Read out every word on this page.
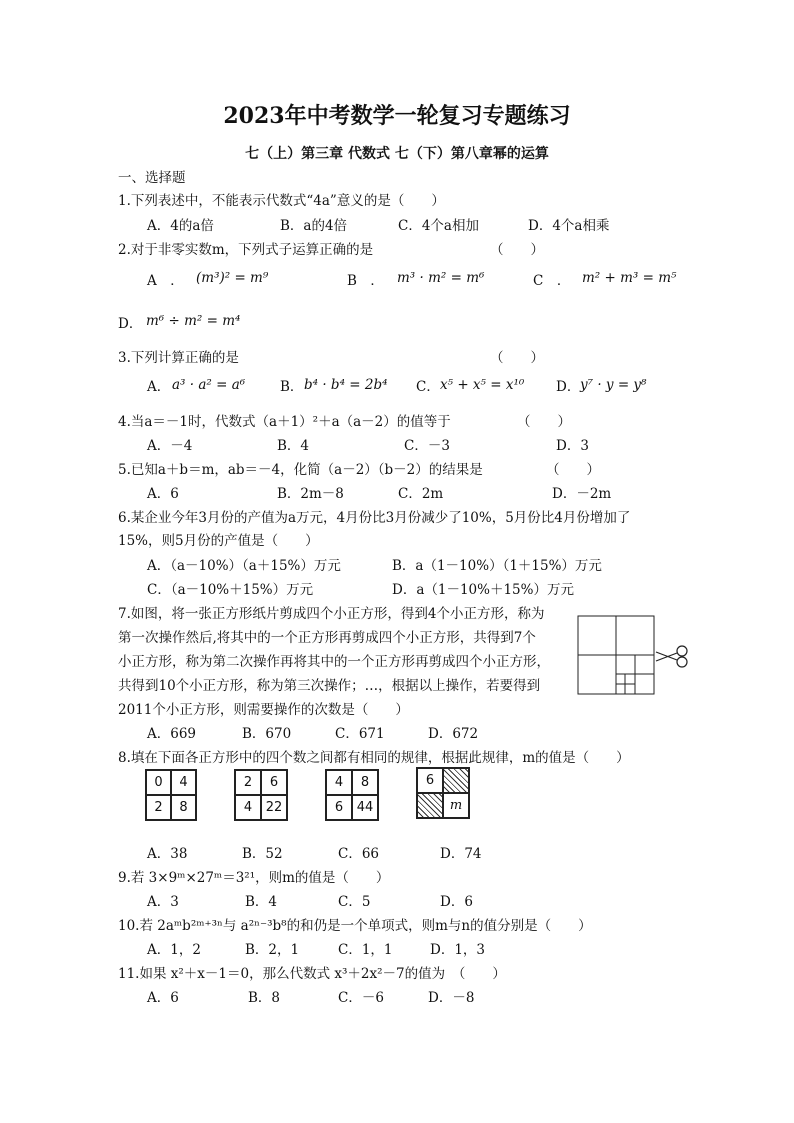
2023年中考数学一轮复习专题练习
七（上）第三章 代数式 七（下）第八章幂的运算
一、选择题
1.下列表述中，不能表示代数式“4a”意义的是（　　）
A．4的a倍	B．a的4倍	C．4个a相加	D．4个a相乘
2.对于非零实数m，下列式子运算正确的是	（　　）
A　． (m³)² = m⁹	B　． m³ · m² = m⁶	C　． m² + m³ = m⁵
D． m⁶ ÷ m² = m⁴
3.下列计算正确的是	（　　）
A． a³ · a² = a⁶	B． b⁴ · b⁴ = 2b⁴ C． x⁵ + x⁵ = x¹⁰ D． y⁷ · y = y⁸
4.当a＝－1时，代数式（a＋1）²＋a（a－2）的值等于	（　　）
A．－4	B．4	C．－3	D．3
5.已知a＋b＝m，ab＝－4，化简（a－2）（b－2）的结果是	（　　）
A．6	B．2m－8	C．2m	D．－2m
6.某企业今年3月份的产值为a万元，4月份比3月份减少了10%，5月份比4月份增加了
15%，则5月份的产值是（　　）
A．（a－10%）（a＋15%）万元	B．a（1－10%）（1＋15%）万元
C．（a－10%＋15%）万元	D．a（1－10%＋15%）万元
7.如图，将一张正方形纸片剪成四个小正方形，得到4个小正方形，称为
第一次操作然后,将其中的一个正方形再剪成四个小正方形，共得到7个
小正方形，称为第二次操作再将其中的一个正方形再剪成四个小正方形，
共得到10个小正方形，称为第三次操作；…，根据以上操作，若要得到
2011个小正方形，则需要操作的次数是（　　）
A．669	B．670	C．671	D．672
8.填在下面各正方形中的四个数之间都有相同的规律，根据此规律，m的值是（　　）
0	4
2	8
2	6
4	22
4	8
6	44
6
m
A．38	B．52	C．66	D．74
9.若 3×9ᵐ×27ᵐ＝3²¹，则m的值是（　　）
A．3	B．4	C．5	D．6
10.若 2aᵐb²ᵐ⁺³ⁿ与 a²ⁿ⁻³b⁸的和仍是一个单项式，则m与n的值分别是（　　）
A．1，2	B．2，1	C．1，1	D．1，3
11.如果 x²＋x－1＝0，那么代数式 x³＋2x²－7的值为　（　　）
A．6	B．8	C．－6	D．－8
